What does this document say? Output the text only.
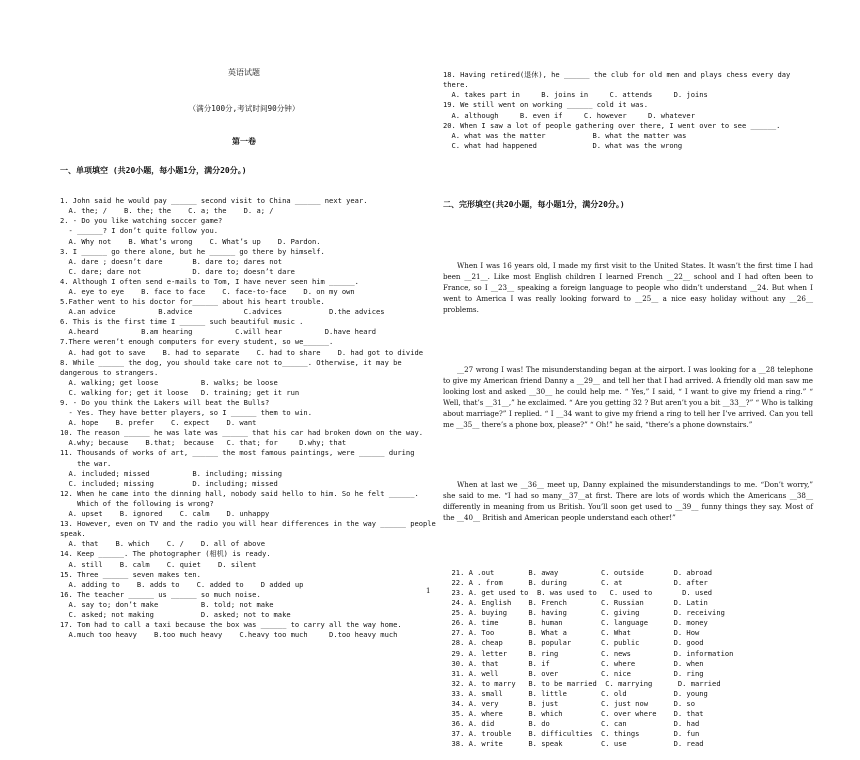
英语试题

（满分100分,考试时间90分钟）

第一卷

一、单项填空 (共20小题，每小题1分，满分20分。)

1. John said he would pay ______ second visit to China ______ next year.
A. the; /    B. the; the    C. a; the    D. a; /
2. - Do you like watching soccer game?
- ______? I don’t quite follow you.
A. Why not    B. What’s wrong    C. What’s up    D. Pardon.
3. I ______ go there alone, but he ______ go there by himself.
A. dare ; doesn’t dare       B. dare to; dares not
C. dare; dare not            D. dare to; doesn’t dare
4. Although I often send e-mails to Tom, I have never seen him ______.
A. eye to eye    B. face to face    C. face-to-face    D. on my own
5.Father went to his doctor for______ about his heart trouble.
A.an advice          B.advice            C.advices           D.the advices
6. This is the first time I ______ such beautiful music .
A.heard          B.am hearing          C.will hear          D.have heard
7.There weren’t enough computers for every student, so we______.
A. had got to save    B. had to separate    C. had to share    D. had got to divide
8. While ______ the dog, you should take care not to______. Otherwise, it may be
dangerous to strangers.
A. walking; get loose          B. walks; be loose
C. walking for; get it loose   D. training; get it run
9. - Do you think the Lakers will beat the Bulls?
- Yes. They have better players, so I ______ them to win.
A. hope    B. prefer    C. expect    D. want
10. The reason ______ he was late was ______ that his car had broken down on the way.
A.why; because    B.that;  because   C. that; for     D.why; that
11. Thousands of works of art, ______ the most famous paintings, were ______ during
the war.
A. included; missed          B. including; missing
C. included; missing         D. including; missed
12. When he came into the dinning hall, nobody said hello to him. So he felt ______.
Which of the following is wrong?
A. upset    B. ignored    C. calm    D. unhappy
13. However, even on TV and the radio you will hear differences in the way ______ people
speak.
A. that    B. which    C. /    D. all of above
14. Keep ______. The photographer (相机) is ready.
A. still    B. calm    C. quiet    D. silent
15. Three ______ seven makes ten.
A. adding to    B. adds to    C. added to    D added up
16. The teacher ______ us ______ so much noise.
A. say to; don’t make          B. told; not make
C. asked; not making           D. asked; not to make
17. Tom had to call a taxi because the box was ______ to carry all the way home.
A.much too heavy    B.too much heavy    C.heavy too much     D.too heavy much

18. Having retired(退休), he ______ the club for old men and plays chess every day
there.
A. takes part in     B. joins in     C. attends     D. joins
19. We still went on working ______ cold it was.
A. although     B. even if     C. however     D. whatever
20. When I saw a lot of people gathering over there, I went over to see ______.
A. what was the matter           B. what the matter was
C. what had happened             D. what was the wrong

二、完形填空(共20小题，每小题1分，满分20分。)

When I was 16 years old, I made my first visit to the United States. It wasn’t the first time I had been __21__. Like most English children I learned French __22__ school and I had often been to France, so I __23__ speaking a foreign language to people who didn’t understand __24. But when I went to America I was really looking forward to __25__ a nice easy holiday without any __26__ problems.

__27 wrong I was! The misunderstanding began at the airport. I was looking for a __28 telephone to give my American friend Danny a __29__ and tell her that I had arrived. A friendly old man saw me looking lost and asked __30__ he could help me. “ Yes,” I said, “ I want to give my friend a ring.” “ Well, that’s __31__,” he exclaimed. “ Are you getting 32 ? But aren’t you a bit __33__?” “ Who is talking about marriage?” I replied. “ I __34 want to give my friend a ring to tell her I’ve arrived. Can you tell me __35__ there’s a phone box, please?” “ Oh!” he said, “there’s a phone downstairs.”

When at last we __36__ meet up, Danny explained the misunderstandings to me. “Don’t worry,” she said to me. “I had so many__37__at first. There are lots of words which the Americans __38__ differently in meaning from us British. You’ll soon get used to __39__ funny things they say. Most of the __40__ British and American people understand each other!”

21. A .out        B. away          C. outside       D. abroad
22. A . from      B. during        C. at            D. after
23. A. get used to  B. was used to   C. used to       D. used
24. A. English    B. French        C. Russian       D. Latin
25. A. buying     B. having        C. giving        D. receiving
26. A. time       B. human         C. language      D. money
27. A. Too        B. What a        C. What          D. How
28. A. cheap      B. popular       C. public        D. good
29. A. letter     B. ring          C. news          D. information
30. A. that       B. if            C. where         D. when
31. A. well       B. over          C. nice          D. ring
32. A. to marry   B. to be married  C. marrying      D. married
33. A. small      B. little        C. old           D. young
34. A. very       B. just          C. just now      D. so
35. A. where      B. which         C. over where    D. that
36. A. did        B. do            C. can           D. had
37. A. trouble    B. difficulties  C. things        D. fun
38. A. write      B. speak         C. use           D. read

1
